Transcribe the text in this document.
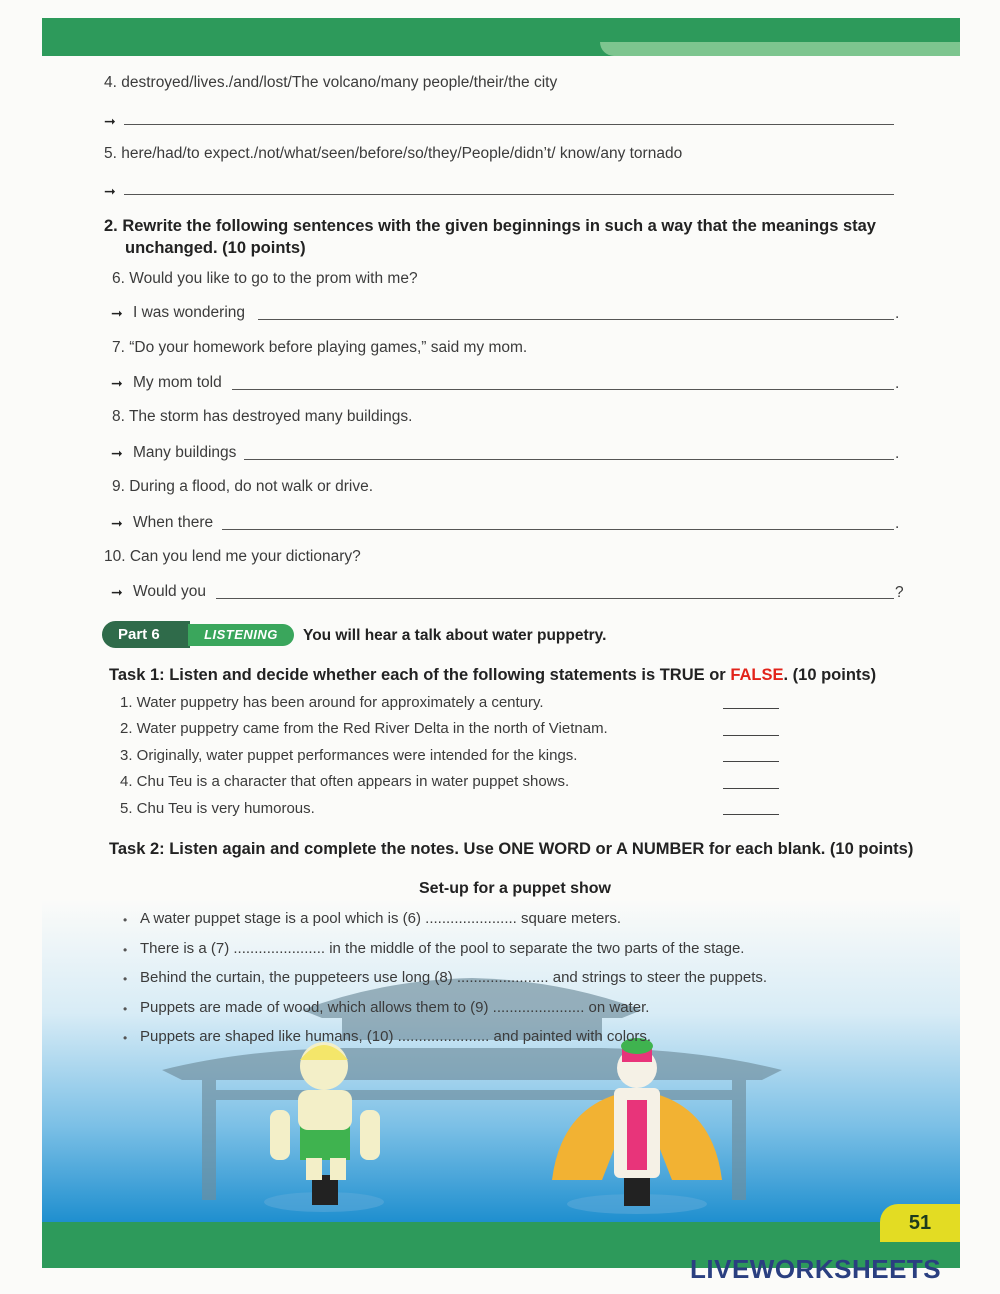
4. destroyed/lives./and/lost/The volcano/many people/their/the city
➞
5. here/had/to expect./not/what/seen/before/so/they/People/didn’t/ know/any tornado
➞
2. Rewrite the following sentences with the given beginnings in such a way that the meanings stay
unchanged. (10 points)
6. Would you like to go to the prom with me?
➞ I was wondering	.
7. “Do your homework before playing games,” said my mom.
➞ My mom told	.
8. The storm has destroyed many buildings.
➞ Many buildings	.
9. During a flood, do not walk or drive.
➞ When there	.
10. Can you lend me your dictionary?
➞ Would you	?
Part 6	LISTENING	You will hear a talk about water puppetry.
Task 1: Listen and decide whether each of the following statements is TRUE or FALSE. (10 points)
1. Water puppetry has been around for approximately a century.
2. Water puppetry came from the Red River Delta in the north of Vietnam.
3. Originally, water puppet performances were intended for the kings.
4. Chu Teu is a character that often appears in water puppet shows.
5. Chu Teu is very humorous.
Task 2: Listen again and complete the notes. Use ONE WORD or A NUMBER for each blank. (10 points)
Set-up for a puppet show
• A water puppet stage is a pool which is (6) ...................... square meters.
• There is a (7) ...................... in the middle of the pool to separate the two parts of the stage.
• Behind the curtain, the puppeteers use long (8) ...................... and strings to steer the puppets.
• Puppets are made of wood, which allows them to (9) ...................... on water.
• Puppets are shaped like humans, (10) ...................... and painted with colors.
51
LIVEWORKSHEETS
